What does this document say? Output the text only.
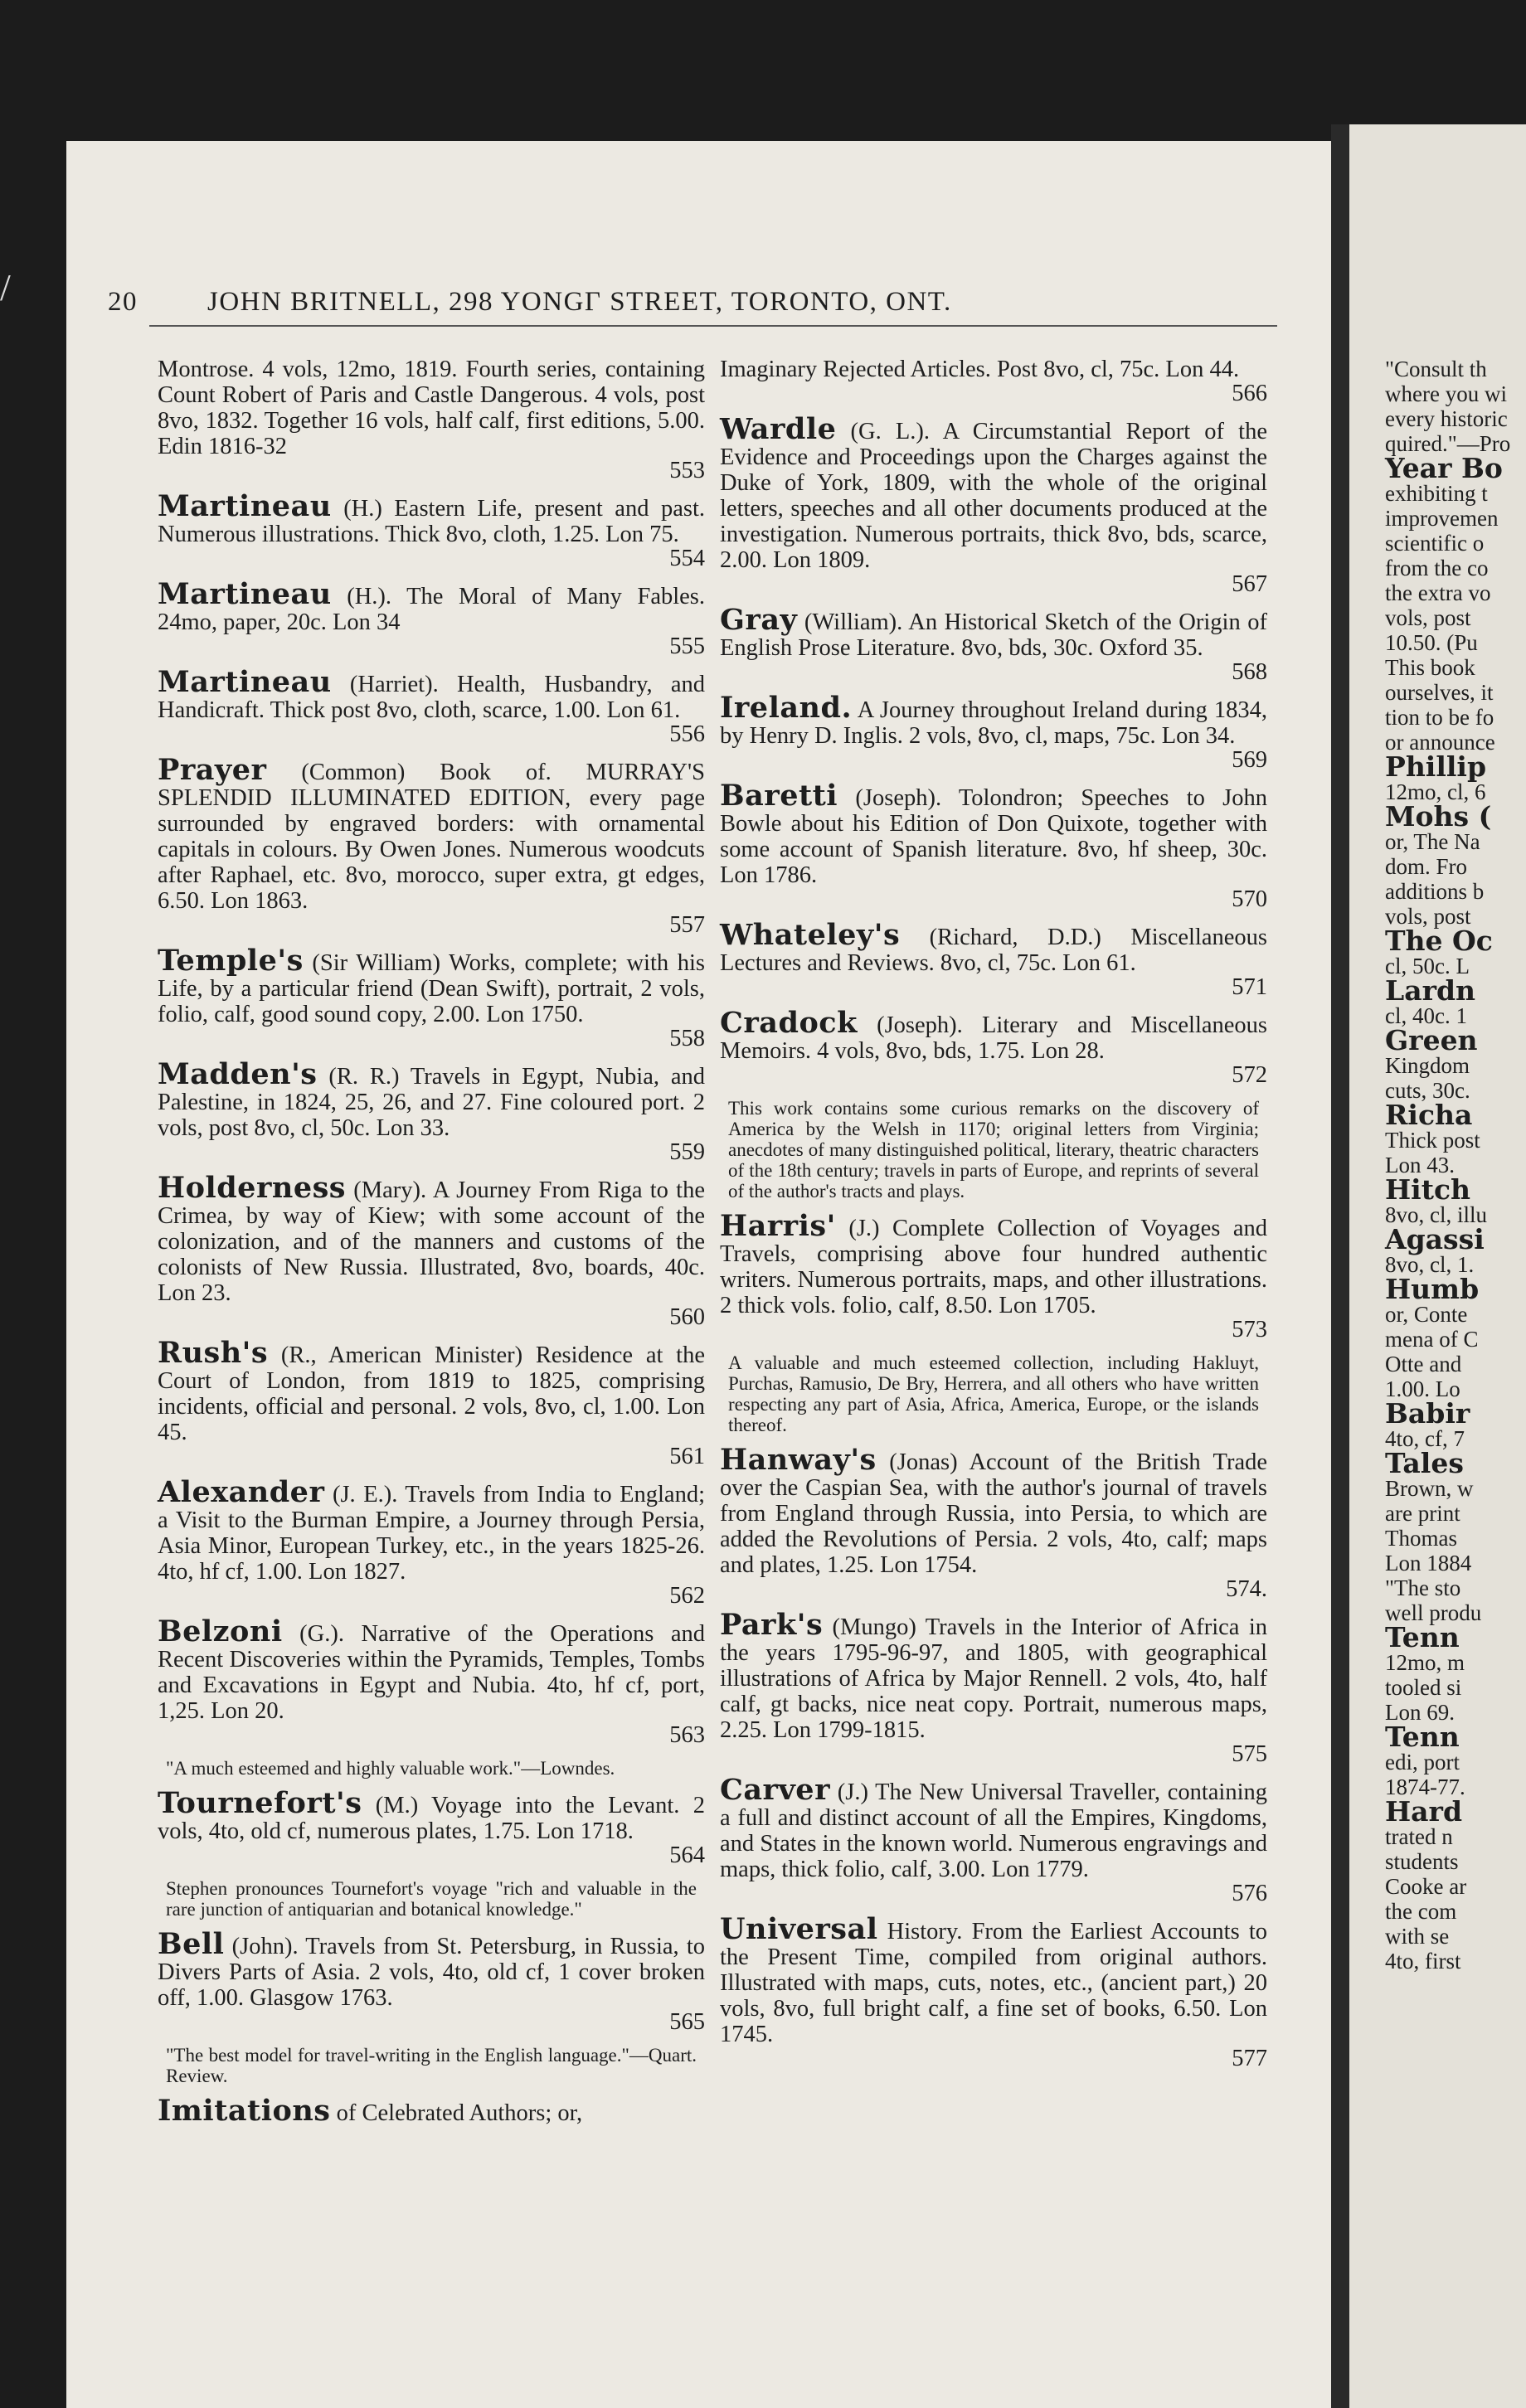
/	20	JOHN BRITNELL, 298 YONGΓ STREET, TORONTO, ONT.
Montrose. 4 vols, 12mo, 1819. Fourth series, containing Count Robert of Paris and Castle Dangerous. 4 vols, post 8vo, 1832. Together 16 vols, half calf, first editions, 5.00. Edin 1816-32
553
Martineau (H.) Eastern Life, present and past. Numerous illustrations. Thick 8vo, cloth, 1.25. Lon 75.
554
Martineau (H.). The Moral of Many Fables. 24mo, paper, 20c. Lon 34
555
Martineau (Harriet). Health, Husbandry, and Handicraft. Thick post 8vo, cloth, scarce, 1.00. Lon 61.
556
Prayer (Common) Book of. MURRAY'S SPLENDID ILLUMINATED EDITION, every page surrounded by engraved borders: with ornamental capitals in colours. By Owen Jones. Numerous woodcuts after Raphael, etc. 8vo, morocco, super extra, gt edges, 6.50. Lon 1863.
557
Temple's (Sir William) Works, complete; with his Life, by a particular friend (Dean Swift), portrait, 2 vols, folio, calf, good sound copy, 2.00. Lon 1750.
558
Madden's (R. R.) Travels in Egypt, Nubia, and Palestine, in 1824, 25, 26, and 27. Fine coloured port. 2 vols, post 8vo, cl, 50c. Lon 33.
559
Holderness (Mary). A Journey From Riga to the Crimea, by way of Kiew; with some account of the colonization, and of the manners and customs of the colonists of New Russia. Illustrated, 8vo, boards, 40c. Lon 23.
560
Rush's (R., American Minister) Residence at the Court of London, from 1819 to 1825, comprising incidents, official and personal. 2 vols, 8vo, cl, 1.00. Lon 45.
561
Alexander (J. E.). Travels from India to England; a Visit to the Burman Empire, a Journey through Persia, Asia Minor, European Turkey, etc., in the years 1825-26. 4to, hf cf, 1.00. Lon 1827.
562
Belzoni (G.). Narrative of the Operations and Recent Discoveries within the Pyramids, Temples, Tombs and Excavations in Egypt and Nubia. 4to, hf cf, port, 1,25. Lon 20.
563
"A much esteemed and highly valuable work."—Lowndes.
Tournefort's (M.) Voyage into the Levant. 2 vols, 4to, old cf, numerous plates, 1.75. Lon 1718.
564
Stephen pronounces Tournefort's voyage "rich and valuable in the rare junction of antiquarian and botanical knowledge."
Bell (John). Travels from St. Petersburg, in Russia, to Divers Parts of Asia. 2 vols, 4to, old cf, 1 cover broken off, 1.00. Glasgow 1763.
565
"The best model for travel-writing in the English language."—Quart. Review.
Imitations of Celebrated Authors; or,
Imaginary Rejected Articles. Post 8vo, cl, 75c. Lon 44.
566
Wardle (G. L.). A Circumstantial Report of the Evidence and Proceedings upon the Charges against the Duke of York, 1809, with the whole of the original letters, speeches and all other documents produced at the investigation. Numerous portraits, thick 8vo, bds, scarce, 2.00. Lon 1809.
567
Gray (William). An Historical Sketch of the Origin of English Prose Literature. 8vo, bds, 30c. Oxford 35.
568
Ireland. A Journey throughout Ireland during 1834, by Henry D. Inglis. 2 vols, 8vo, cl, maps, 75c. Lon 34.
569
Baretti (Joseph). Tolondron; Speeches to John Bowle about his Edition of Don Quixote, together with some account of Spanish literature. 8vo, hf sheep, 30c. Lon 1786.
570
Whateley's (Richard, D.D.) Miscellaneous Lectures and Reviews. 8vo, cl, 75c. Lon 61.
571
Cradock (Joseph). Literary and Miscellaneous Memoirs. 4 vols, 8vo, bds, 1.75. Lon 28.
572
This work contains some curious remarks on the discovery of America by the Welsh in 1170; original letters from Virginia; anecdotes of many distinguished political, literary, theatric characters of the 18th century; travels in parts of Europe, and reprints of several of the author's tracts and plays.
Harris' (J.) Complete Collection of Voyages and Travels, comprising above four hundred authentic writers. Numerous portraits, maps, and other illustrations. 2 thick vols. folio, calf, 8.50. Lon 1705.
573
A valuable and much esteemed collection, including Hakluyt, Purchas, Ramusio, De Bry, Herrera, and all others who have written respecting any part of Asia, Africa, America, Europe, or the islands thereof.
Hanway's (Jonas) Account of the British Trade over the Caspian Sea, with the author's journal of travels from England through Russia, into Persia, to which are added the Revolutions of Persia. 2 vols, 4to, calf; maps and plates, 1.25. Lon 1754.
574.
Park's (Mungo) Travels in the Interior of Africa in the years 1795-96-97, and 1805, with geographical illustrations of Africa by Major Rennell. 2 vols, 4to, half calf, gt backs, nice neat copy. Portrait, numerous maps, 2.25. Lon 1799-1815.
575
Carver (J.) The New Universal Traveller, containing a full and distinct account of all the Empires, Kingdoms, and States in the known world. Numerous engravings and maps, thick folio, calf, 3.00. Lon 1779.
576
Universal History. From the Earliest Accounts to the Present Time, compiled from original authors. Illustrated with maps, cuts, notes, etc., (ancient part,) 20 vols, 8vo, full bright calf, a fine set of books, 6.50. Lon 1745.
577
"Consult th
where you wi
every historic
quired."—Pro
Year Bo
exhibiting t
improvemen
scientific o
from the co
the extra vo
vols, post
10.50. (Pu
This book
ourselves, it
tion to be fo
or announce
Phillip
12mo, cl, 6
Mohs (
or, The Na
dom. Fro
additions b
vols, post
The Oc
cl, 50c. L
Lardn
cl, 40c. 1
Green
Kingdom
cuts, 30c.
Richa
Thick post
Lon 43.
Hitch
8vo, cl, illu
Agassi
8vo, cl, 1.
Humb
or, Conte
mena of C
Otte and
1.00. Lo
Babir
4to, cf, 7
Tales
Brown, w
are print
Thomas
Lon 1884
"The sto
well produ
Tenn
12mo, m
tooled si
Lon 69.
Tenn
edi, port
1874-77.
Hard
trated n
students
Cooke ar
the com
with se
4to, first
